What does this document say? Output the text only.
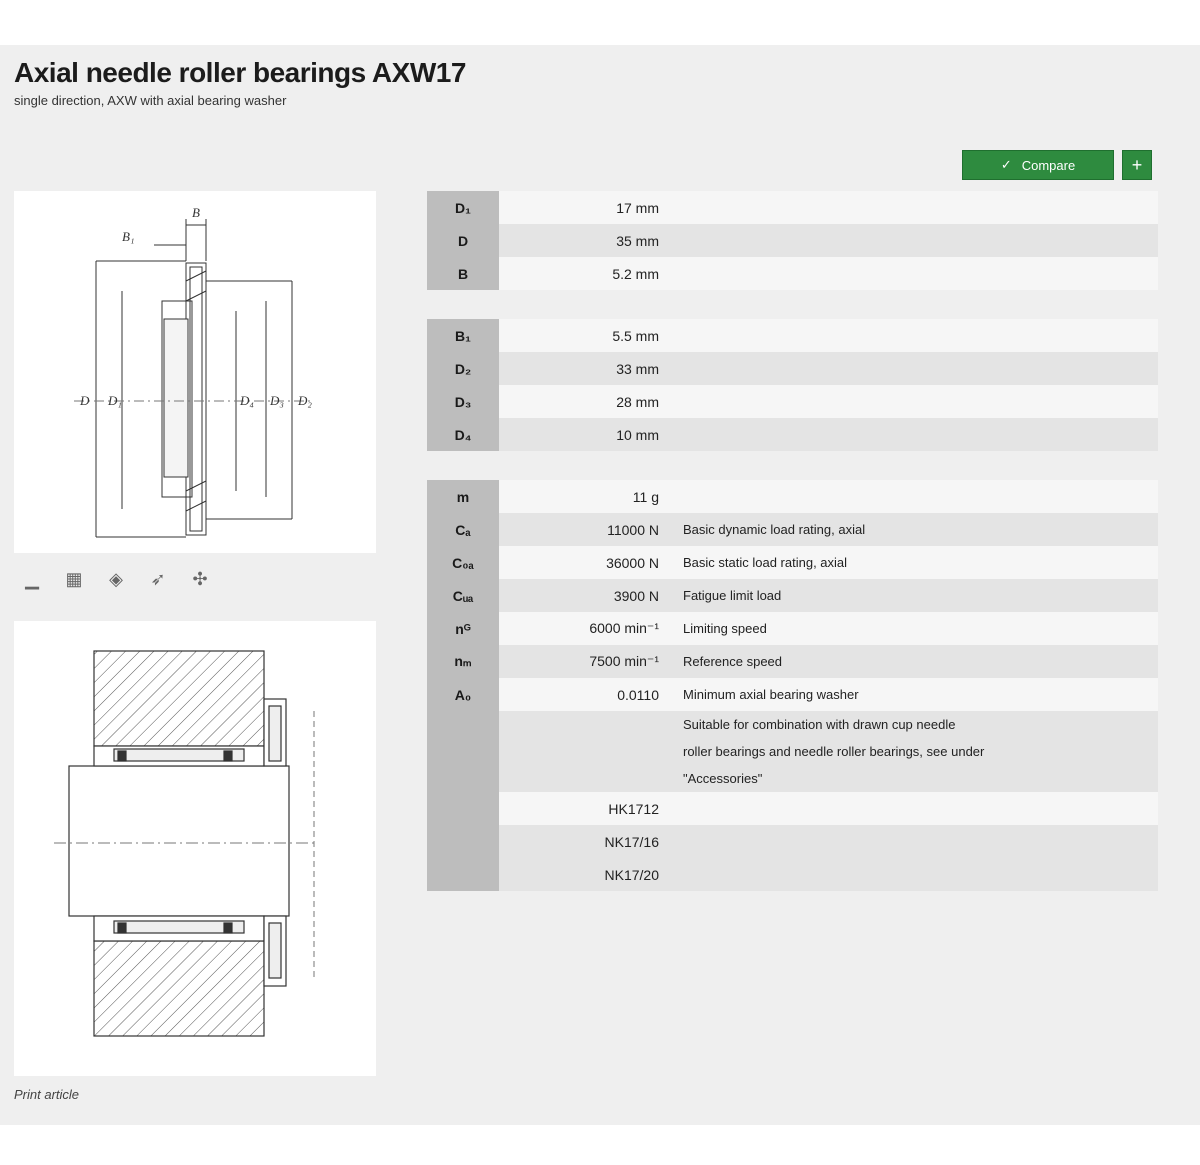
Axial needle roller bearings AXW17
single direction, AXW with axial bearing washer
✓ Compare	+
B
B₁
D D₁	D₄ D₃ D₂
▁	▦	◈	➶	✣
D₁	17 mm	
D	35 mm	
B	5.2 mm	
B₁	5.5 mm	
D₂	33 mm	
D₃	28 mm	
D₄	10 mm	
m	11 g	
Cₐ	11000 N	Basic dynamic load rating, axial
C₀ₐ	36000 N	Basic static load rating, axial
Cᵤₐ	3900 N	Fatigue limit load
nᴳ	6000 min⁻¹	Limiting speed
nₘ	7500 min⁻¹	Reference speed
A₀	0.0110	Minimum axial bearing washer

		Suitable for combination with drawn cup needle
roller bearings and needle roller bearings, see under
"Accessories"

	HK1712	
	NK17/16	
	NK17/20	
Print article
